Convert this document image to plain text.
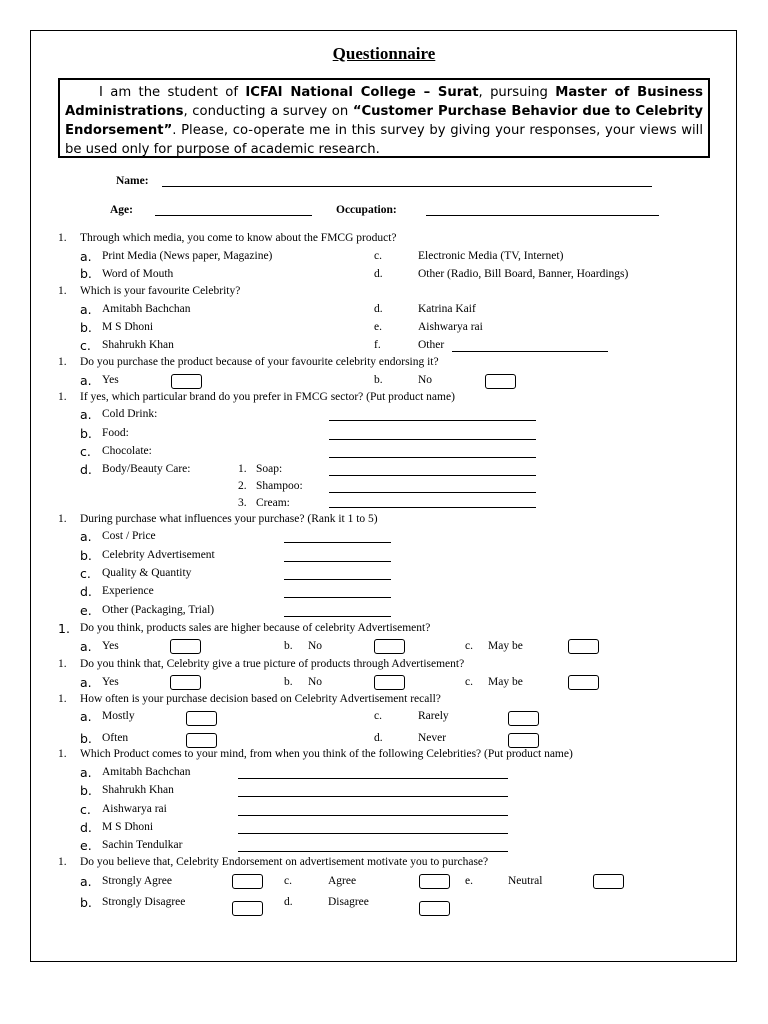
Questionnaire
I am the student of ICFAI National College – Surat, pursuing Master of Business Administrations, conducting a survey on “Customer Purchase Behavior due to Celebrity Endorsement”. Please, co-operate me in this survey by giving your responses, your views will be used only for purpose of academic research.
Name:
Age:	Occupation:
1. Through which media, you come to know about the FMCG product?
a. Print Media (News paper, Magazine)	c.	Electronic Media (TV, Internet)
b. Word of Mouth	d.	Other (Radio, Bill Board, Banner, Hoardings)
1. Which is your favourite Celebrity?
a. Amitabh Bachchan	d.	Katrina Kaif
b. M S Dhoni	e.	Aishwarya rai
c. Shahrukh Khan	f.	Other
1. Do you purchase the product because of your favourite celebrity endorsing it?
a. Yes	b.	No
1. If yes, which particular brand do you prefer in FMCG sector? (Put product name)
a. Cold Drink:
b. Food:
c. Chocolate:
d. Body/Beauty Care:	1. Soap:
2. Shampoo:
3. Cream:
1. During purchase what influences your purchase? (Rank it 1 to 5)
a. Cost / Price
b. Celebrity Advertisement
c. Quality & Quantity
d. Experience
e. Other (Packaging, Trial)
1. Do you think, products sales are higher because of celebrity Advertisement?
a. Yes	b. No	c. May be
1. Do you think that, Celebrity give a true picture of products through Advertisement?
a. Yes	b. No	c. May be
1. How often is your purchase decision based on Celebrity Advertisement recall?
a. Mostly	c.	Rarely
b. Often	d.	Never
1. Which Product comes to your mind, from when you think of the following Celebrities? (Put product name)
a. Amitabh Bachchan
b. Shahrukh Khan
c. Aishwarya rai
d. M S Dhoni
e. Sachin Tendulkar
1. Do you believe that, Celebrity Endorsement on advertisement motivate you to purchase?
a. Strongly Agree	c.	Agree	e.	Neutral
b. Strongly Disagree	d.	Disagree
